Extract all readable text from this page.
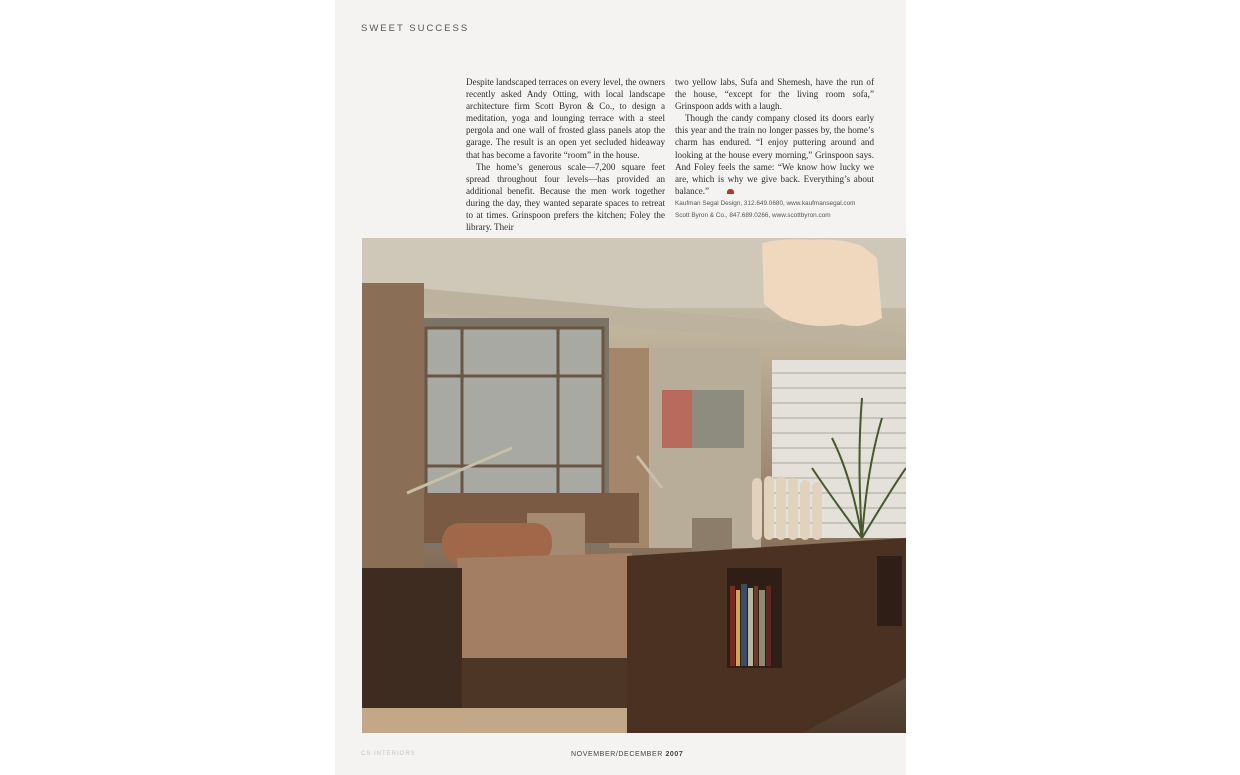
SWEET SUCCESS

Despite landscaped terraces on every level, the owners recently asked Andy Otting, with local landscape architecture firm Scott Byron & Co., to design a meditation, yoga and lounging terrace with a steel pergola and one wall of frosted glass panels atop the garage. The result is an open yet secluded hideaway that has become a favorite “room” in the house.

The home’s generous scale—7,200 square feet spread throughout four levels—has provided an additional benefit. Because the men work together during the day, they wanted separate spaces to retreat to at times. Grinspoon prefers the kitchen; Foley the library. Their

two yellow labs, Sufa and Shemesh, have the run of the house, “except for the living room sofa,” Grinspoon adds with a laugh.

Though the candy company closed its doors early this year and the train no longer passes by, the home’s charm has endured. “I enjoy puttering around and looking at the house every morning,” Grinspoon says. And Foley feels the same: “We know how lucky we are, which is why we give back. Everything’s about balance.”

Kaufman Segal Design, 312.649.0680, www.kaufmansegal.com
Scott Byron & Co., 847.689.0266, www.scottbyron.com
CS INTERIORS	NOVEMBER/DECEMBER 2007
